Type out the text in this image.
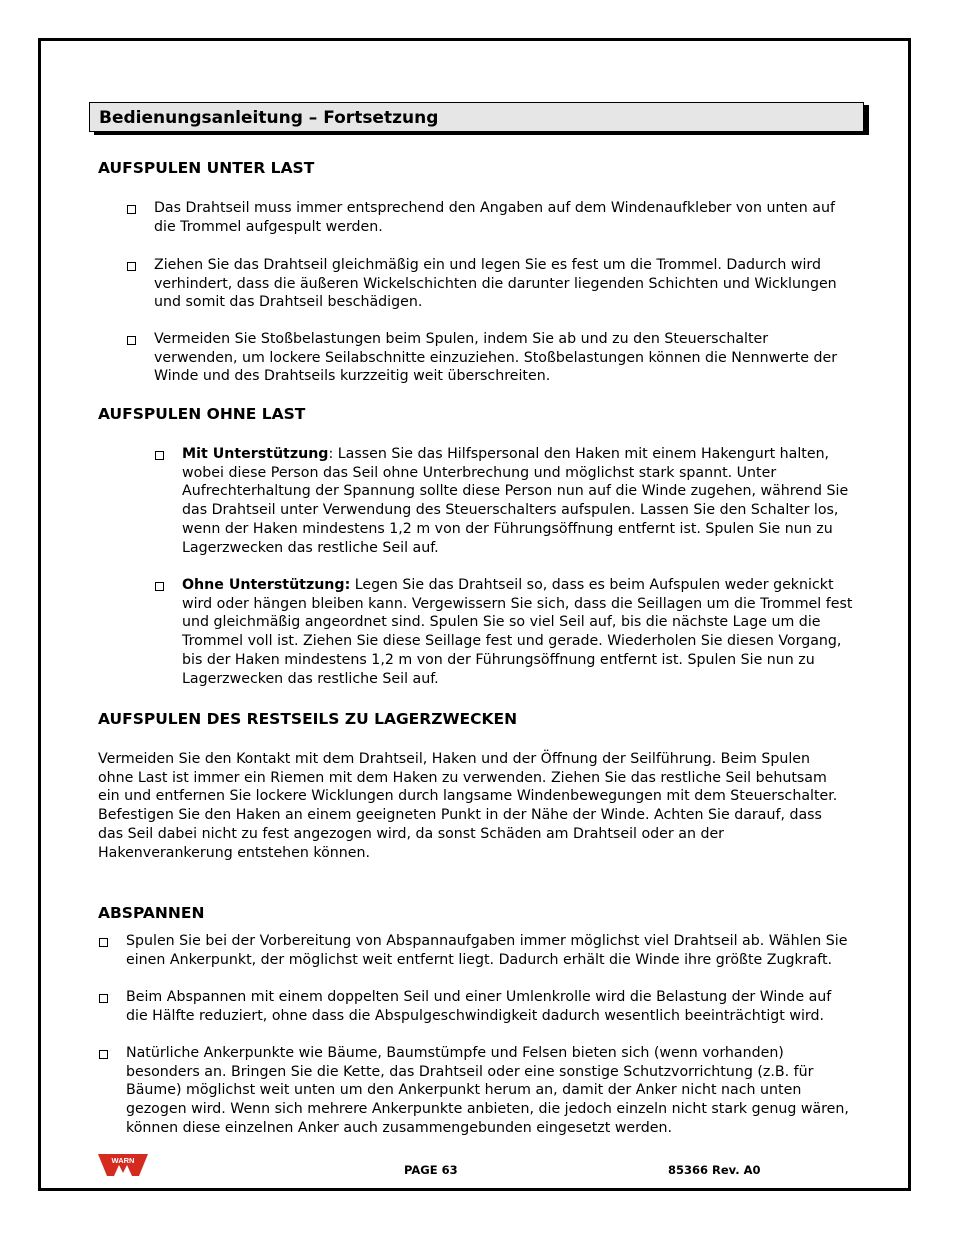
Bedienungsanleitung – Fortsetzung
AUFSPULEN UNTER LAST
Das Drahtseil muss immer entsprechend den Angaben auf dem Windenaufkleber von unten auf die Trommel aufgespult werden.
Ziehen Sie das Drahtseil gleichmäßig ein und legen Sie es fest um die Trommel. Dadurch wird verhindert, dass die äußeren Wickelschichten die darunter liegenden Schichten und Wicklungen und somit das Drahtseil beschädigen.
Vermeiden Sie Stoßbelastungen beim Spulen, indem Sie ab und zu den Steuerschalter verwenden, um lockere Seilabschnitte einzuziehen. Stoßbelastungen können die Nennwerte der Winde und des Drahtseils kurzzeitig weit überschreiten.
AUFSPULEN OHNE LAST
Mit Unterstützung: Lassen Sie das Hilfspersonal den Haken mit einem Hakengurt halten, wobei diese Person das Seil ohne Unterbrechung und möglichst stark spannt. Unter Aufrechterhaltung der Spannung sollte diese Person nun auf die Winde zugehen, während Sie das Drahtseil unter Verwendung des Steuerschalters aufspulen. Lassen Sie den Schalter los, wenn der Haken mindestens 1,2 m von der Führungsöffnung entfernt ist. Spulen Sie nun zu Lagerzwecken das restliche Seil auf.
Ohne Unterstützung: Legen Sie das Drahtseil so, dass es beim Aufspulen weder geknickt wird oder hängen bleiben kann. Vergewissern Sie sich, dass die Seillagen um die Trommel fest und gleichmäßig angeordnet sind. Spulen Sie so viel Seil auf, bis die nächste Lage um die Trommel voll ist. Ziehen Sie diese Seillage fest und gerade. Wiederholen Sie diesen Vorgang, bis der Haken mindestens 1,2 m von der Führungsöffnung entfernt ist. Spulen Sie nun zu Lagerzwecken das restliche Seil auf.
AUFSPULEN DES RESTSEILS ZU LAGERZWECKEN
Vermeiden Sie den Kontakt mit dem Drahtseil, Haken und der Öffnung der Seilführung. Beim Spulen ohne Last ist immer ein Riemen mit dem Haken zu verwenden. Ziehen Sie das restliche Seil behutsam ein und entfernen Sie lockere Wicklungen durch langsame Windenbewegungen mit dem Steuerschalter. Befestigen Sie den Haken an einem geeigneten Punkt in der Nähe der Winde. Achten Sie darauf, dass das Seil dabei nicht zu fest angezogen wird, da sonst Schäden am Drahtseil oder an der Hakenverankerung entstehen können.
ABSPANNEN
Spulen Sie bei der Vorbereitung von Abspannaufgaben immer möglichst viel Drahtseil ab. Wählen Sie einen Ankerpunkt, der möglichst weit entfernt liegt. Dadurch erhält die Winde ihre größte Zugkraft.
Beim Abspannen mit einem doppelten Seil und einer Umlenkrolle wird die Belastung der Winde auf die Hälfte reduziert, ohne dass die Abspulgeschwindigkeit dadurch wesentlich beeinträchtigt wird.
Natürliche Ankerpunkte wie Bäume, Baumstümpfe und Felsen bieten sich (wenn vorhanden) besonders an. Bringen Sie die Kette, das Drahtseil oder eine sonstige Schutzvorrichtung (z.B. für Bäume) möglichst weit unten um den Ankerpunkt herum an, damit der Anker nicht nach unten gezogen wird. Wenn sich mehrere Ankerpunkte anbieten, die jedoch einzeln nicht stark genug wären, können diese einzelnen Anker auch zusammengebunden eingesetzt werden.
WARN
PAGE 63	85366 Rev. A0
